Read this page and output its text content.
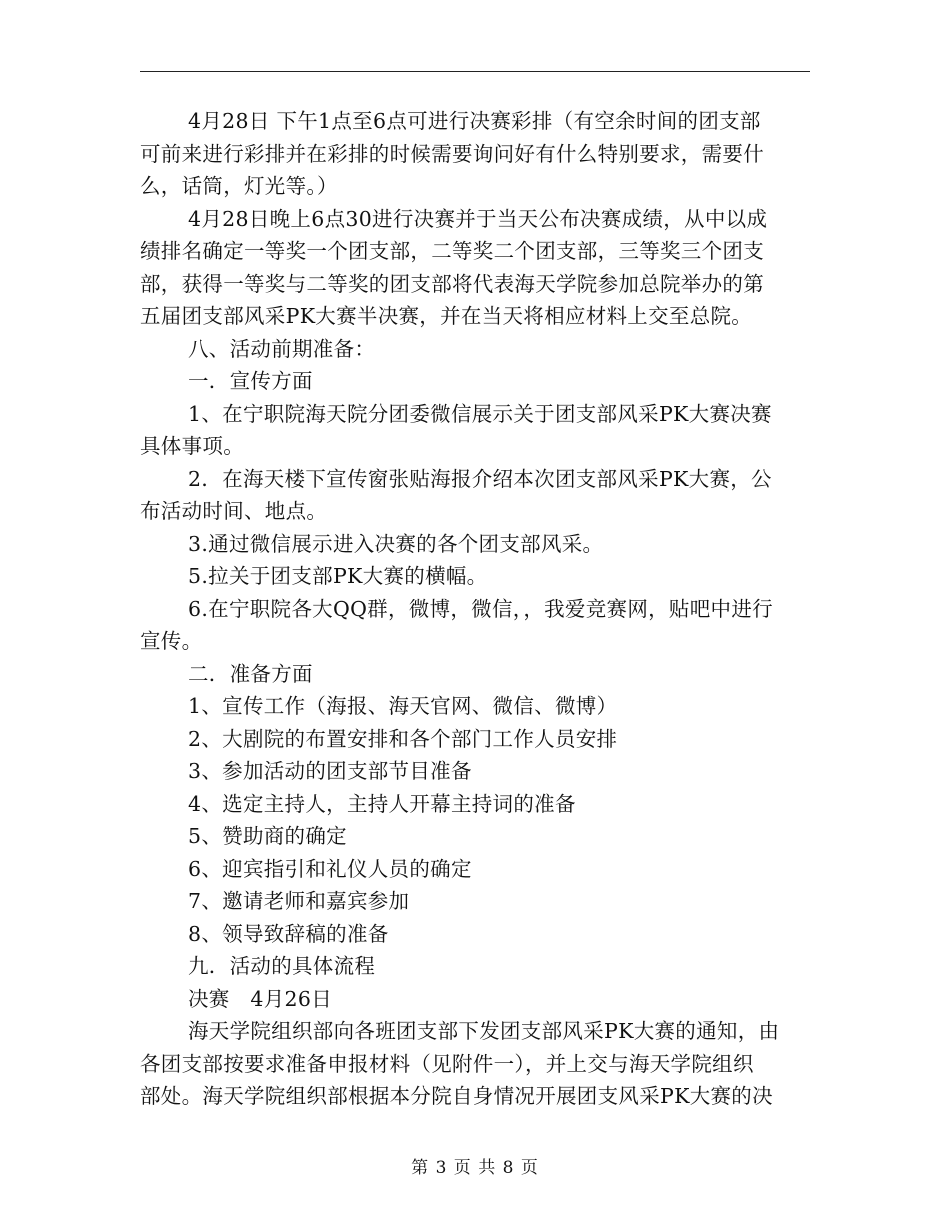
4月28日 下午1点至6点可进行决赛彩排（有空余时间的团支部
可前来进行彩排并在彩排的时候需要询问好有什么特别要求，需要什
么，话筒，灯光等。）
4月28日晚上6点30进行决赛并于当天公布决赛成绩，从中以成
绩排名确定一等奖一个团支部，二等奖二个团支部，三等奖三个团支
部，获得一等奖与二等奖的团支部将代表海天学院参加总院举办的第
五届团支部风采PK大赛半决赛，并在当天将相应材料上交至总院。
八、活动前期准备：
一．宣传方面
1、在宁职院海天院分团委微信展示关于团支部风采PK大赛决赛
具体事项。
2．在海天楼下宣传窗张贴海报介绍本次团支部风采PK大赛，公
布活动时间、地点。
3.通过微信展示进入决赛的各个团支部风采。
5.拉关于团支部PK大赛的横幅。
6.在宁职院各大QQ群，微博，微信，，我爱竞赛网，贴吧中进行
宣传。
二．准备方面
1、宣传工作（海报、海天官网、微信、微博）
2、大剧院的布置安排和各个部门工作人员安排
3、参加活动的团支部节目准备
4、选定主持人，主持人开幕主持词的准备
5、赞助商的确定
6、迎宾指引和礼仪人员的确定
7、邀请老师和嘉宾参加
8、领导致辞稿的准备
九．活动的具体流程
决赛　4月26日
海天学院组织部向各班团支部下发团支部风采PK大赛的通知，由
各团支部按要求准备申报材料（见附件一），并上交与海天学院组织
部处。海天学院组织部根据本分院自身情况开展团支风采PK大赛的决
第 3 页 共 8 页
